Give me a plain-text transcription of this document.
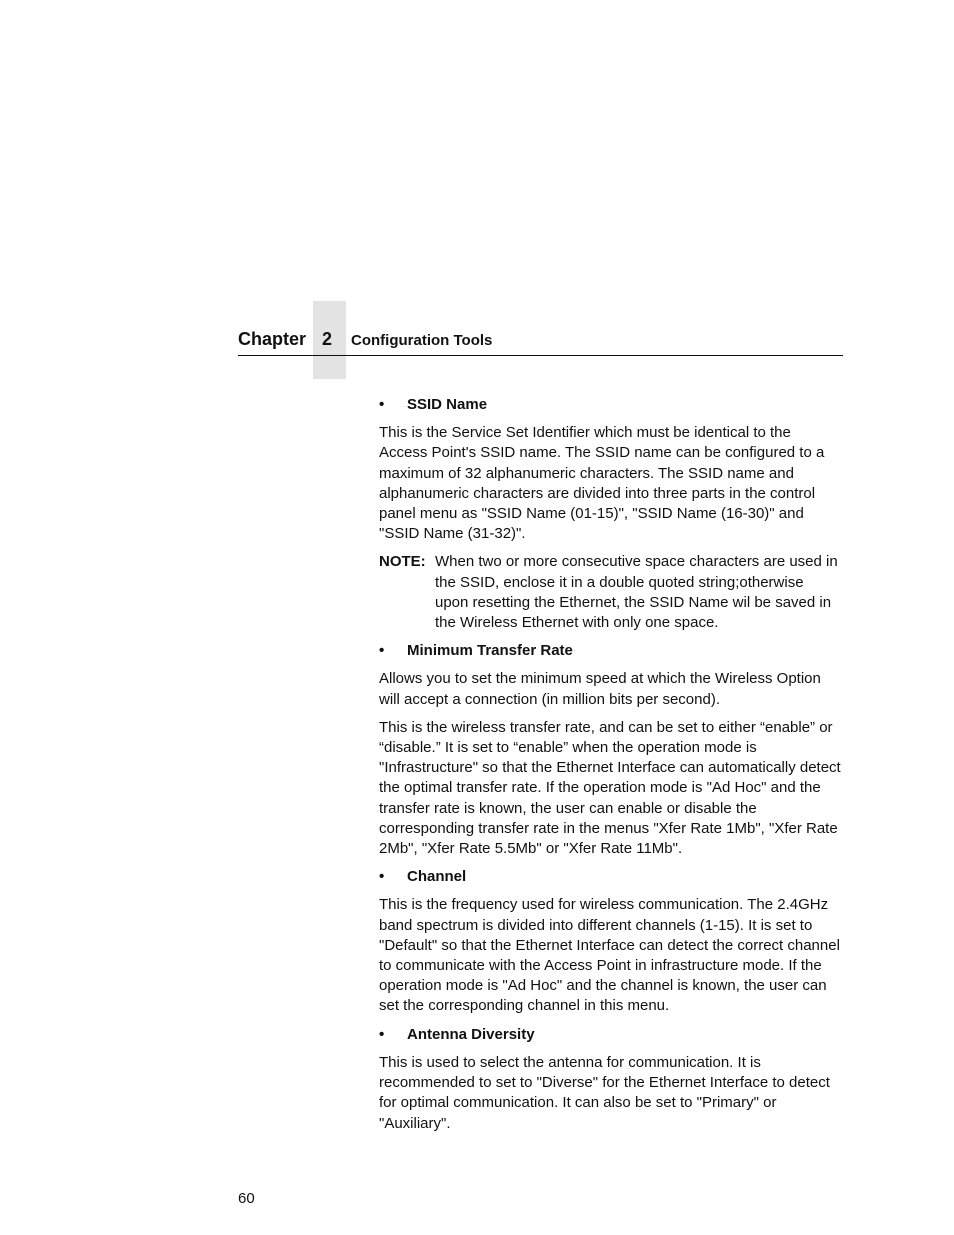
Chapter 2 Configuration Tools
• SSID Name

This is the Service Set Identifier which must be identical to the Access Point's SSID name. The SSID name can be configured to a maximum of 32 alphanumeric characters. The SSID name and alphanumeric characters are divided into three parts in the control panel menu as "SSID Name (01-15)", "SSID Name (16-30)" and "SSID Name (31-32)".

NOTE: When two or more consecutive space characters are used in the SSID, enclose it in a double quoted string;otherwise upon resetting the Ethernet, the SSID Name wil be saved in the Wireless Ethernet with only one space.
• Minimum Transfer Rate

Allows you to set the minimum speed at which the Wireless Option will accept a connection (in million bits per second).

This is the wireless transfer rate, and can be set to either “enable” or “disable.” It is set to “enable” when the operation mode is "Infrastructure" so that the Ethernet Interface can automatically detect the optimal transfer rate. If the operation mode is "Ad Hoc" and the transfer rate is known, the user can enable or disable the corresponding transfer rate in the menus "Xfer Rate 1Mb", "Xfer Rate 2Mb", "Xfer Rate 5.5Mb" or "Xfer Rate 11Mb".

• Channel

This is the frequency used for wireless communication. The 2.4GHz band spectrum is divided into different channels (1-15). It is set to "Default" so that the Ethernet Interface can detect the correct channel to communicate with the Access Point in infrastructure mode. If the operation mode is "Ad Hoc" and the channel is known, the user can set the corresponding channel in this menu.

• Antenna Diversity

This is used to select the antenna for communication. It is recommended to set to "Diverse" for the Ethernet Interface to detect for optimal communication. It can also be set to "Primary" or "Auxiliary".

60
